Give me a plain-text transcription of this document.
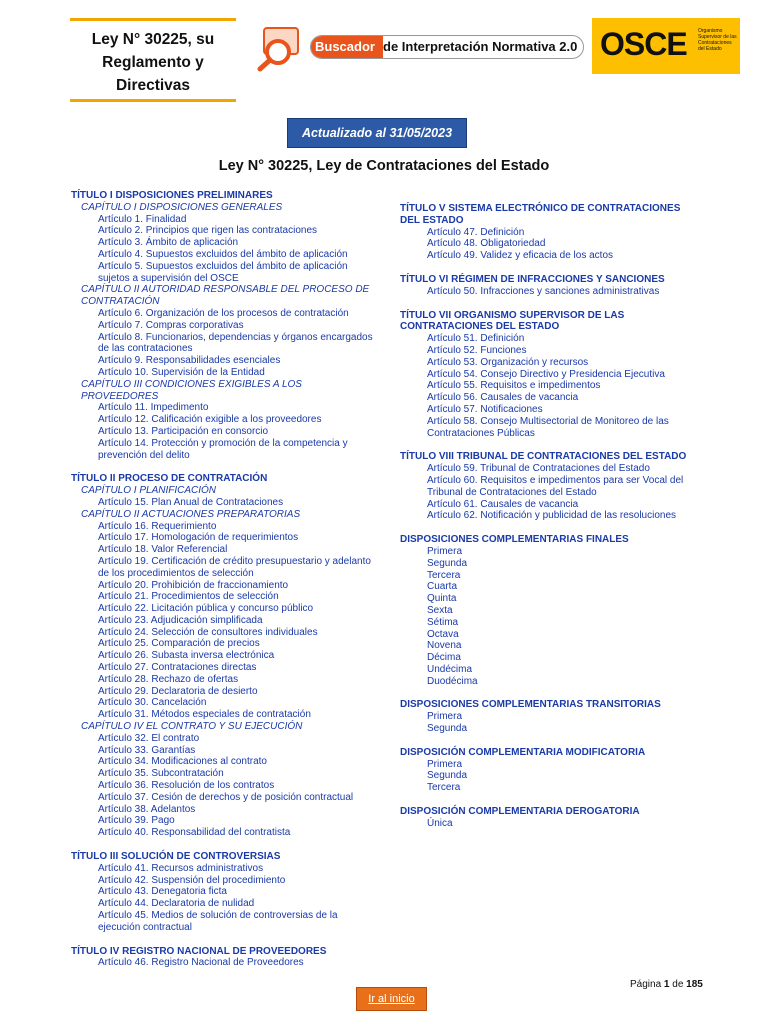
Ley N° 30225, su
Reglamento y
Directivas
Buscador de Interpretación Normativa 2.0 OSCE Organismo Supervisor de las Contrataciones del Estado
Actualizado al 31/05/2023
Ley N° 30225, Ley de Contrataciones del Estado
TÍTULO I DISPOSICIONES PRELIMINARES
CAPÍTULO I DISPOSICIONES GENERALES
Artículo 1. Finalidad
Artículo 2. Principios que rigen las contrataciones
Artículo 3. Ámbito de aplicación
Artículo 4. Supuestos excluidos del ámbito de aplicación
Artículo 5. Supuestos excluidos del ámbito de aplicación sujetos a supervisión del OSCE
CAPÍTULO II AUTORIDAD RESPONSABLE DEL PROCESO DE CONTRATACIÓN
Artículo 6. Organización de los procesos de contratación
Artículo 7. Compras corporativas
Artículo 8. Funcionarios, dependencias y órganos encargados de las contrataciones
Artículo 9. Responsabilidades esenciales
Artículo 10. Supervisión de la Entidad
CAPÍTULO III CONDICIONES EXIGIBLES A LOS PROVEEDORES
Artículo 11. Impedimento
Artículo 12. Calificación exigible a los proveedores
Artículo 13. Participación en consorcio
Artículo 14. Protección y promoción de la competencia y prevención del delito
TÍTULO II PROCESO DE CONTRATACIÓN
CAPÍTULO I PLANIFICACIÓN
Artículo 15. Plan Anual de Contrataciones
CAPÍTULO II ACTUACIONES PREPARATORIAS
Artículo 16. Requerimiento
Artículo 17. Homologación de requerimientos
Artículo 18. Valor Referencial
Artículo 19. Certificación de crédito presupuestario y adelanto de los procedimientos de selección
Artículo 20. Prohibición de fraccionamiento
Artículo 21. Procedimientos de selección
Artículo 22. Licitación pública y concurso público
Artículo 23. Adjudicación simplificada
Artículo 24. Selección de consultores individuales
Artículo 25. Comparación de precios
Artículo 26. Subasta inversa electrónica
Artículo 27. Contrataciones directas
Artículo 28. Rechazo de ofertas
Artículo 29. Declaratoria de desierto
Artículo 30. Cancelación
Artículo 31. Métodos especiales de contratación
CAPÍTULO IV EL CONTRATO Y SU EJECUCIÓN
Artículo 32. El contrato
Artículo 33. Garantías
Artículo 34. Modificaciones al contrato
Artículo 35. Subcontratación
Artículo 36. Resolución de los contratos
Artículo 37. Cesión de derechos y de posición contractual
Artículo 38. Adelantos
Artículo 39. Pago
Artículo 40. Responsabilidad del contratista
TÍTULO III SOLUCIÓN DE CONTROVERSIAS
Artículo 41. Recursos administrativos
Artículo 42. Suspensión del procedimiento
Artículo 43. Denegatoria ficta
Artículo 44. Declaratoria de nulidad
Artículo 45. Medios de solución de controversias de la ejecución contractual
TÍTULO IV REGISTRO NACIONAL DE PROVEEDORES
Artículo 46. Registro Nacional de Proveedores
TÍTULO V SISTEMA ELECTRÓNICO DE CONTRATACIONES DEL ESTADO
Artículo 47. Definición
Artículo 48. Obligatoriedad
Artículo 49. Validez y eficacia de los actos
TÍTULO VI RÉGIMEN DE INFRACCIONES Y SANCIONES
Artículo 50. Infracciones y sanciones administrativas
TÍTULO VII ORGANISMO SUPERVISOR DE LAS CONTRATACIONES DEL ESTADO
Artículo 51. Definición
Artículo 52. Funciones
Artículo 53. Organización y recursos
Artículo 54. Consejo Directivo y Presidencia Ejecutiva
Artículo 55. Requisitos e impedimentos
Artículo 56. Causales de vacancia
Artículo 57. Notificaciones
Artículo 58. Consejo Multisectorial de Monitoreo de las Contrataciones Públicas
TÍTULO VIII TRIBUNAL DE CONTRATACIONES DEL ESTADO
Artículo 59. Tribunal de Contrataciones del Estado
Artículo 60. Requisitos e impedimentos para ser Vocal del Tribunal de Contrataciones del Estado
Artículo 61. Causales de vacancia
Artículo 62. Notificación y publicidad de las resoluciones
DISPOSICIONES COMPLEMENTARIAS FINALES
Primera
Segunda
Tercera
Cuarta
Quinta
Sexta
Sétima
Octava
Novena
Décima
Undécima
Duodécima
DISPOSICIONES COMPLEMENTARIAS TRANSITORIAS
Primera
Segunda
DISPOSICIÓN COMPLEMENTARIA MODIFICATORIA
Primera
Segunda
Tercera
DISPOSICIÓN COMPLEMENTARIA DEROGATORIA
Única
Página 1 de 185
Ir al inicio
